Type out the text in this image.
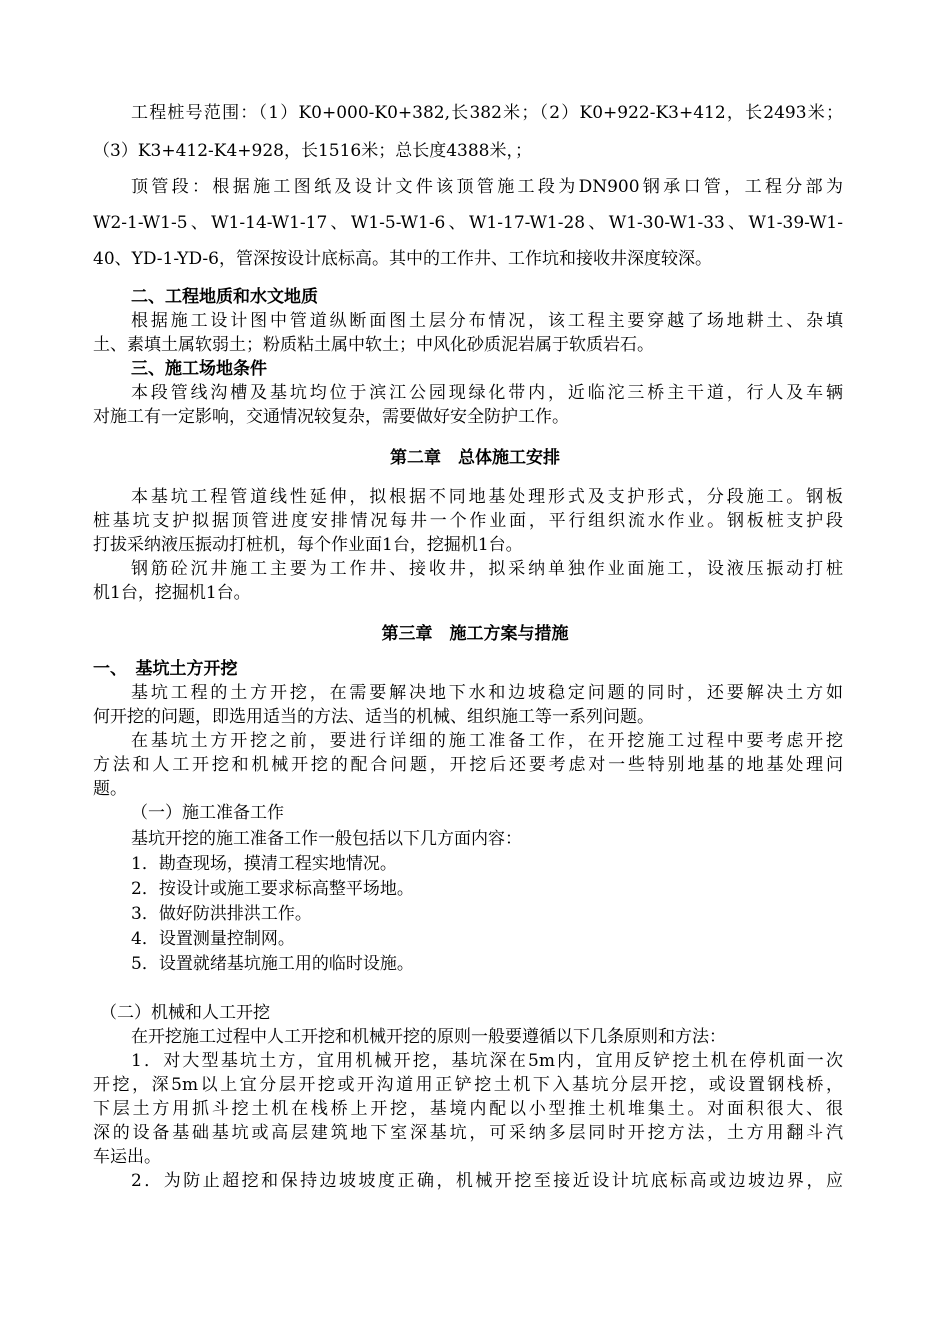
工程桩号范围：（1）K0+000-K0+382,长382米；（2）K0+922-K3+412，长2493米；
（3）K3+412-K4+928，长1516米；总长度4388米，；
顶管段：根据施工图纸及设计文件该顶管施工段为DN900钢承口管，工程分部为
W2-1-W1-5、W1-14-W1-17、W1-5-W1-6、W1-17-W1-28、W1-30-W1-33、W1-39-W1-
40、YD-1-YD-6，管深按设计底标高。其中的工作井、工作坑和接收井深度较深。
二、工程地质和水文地质
根据施工设计图中管道纵断面图土层分布情况，该工程主要穿越了场地耕土、杂填
土、素填土属软弱土；粉质粘土属中软土；中风化砂质泥岩属于软质岩石。
三、施工场地条件
本段管线沟槽及基坑均位于滨江公园现绿化带内，近临沱三桥主干道，行人及车辆
对施工有一定影响，交通情况较复杂，需要做好安全防护工作。
第二章　总体施工安排
本基坑工程管道线性延伸，拟根据不同地基处理形式及支护形式，分段施工。钢板
桩基坑支护拟据顶管进度安排情况每井一个作业面，平行组织流水作业。钢板桩支护段
打拔采纳液压振动打桩机，每个作业面1台，挖掘机1台。
钢筋砼沉井施工主要为工作井、接收井，拟采纳单独作业面施工，设液压振动打桩
机1台，挖掘机1台。
第三章　施工方案与措施
一、　基坑土方开挖
基坑工程的土方开挖，在需要解决地下水和边坡稳定问题的同时，还要解决土方如
何开挖的问题，即选用适当的方法、适当的机械、组织施工等一系列问题。
在基坑土方开挖之前，要进行详细的施工准备工作，在开挖施工过程中要考虑开挖
方法和人工开挖和机械开挖的配合问题，开挖后还要考虑对一些特别地基的地基处理问
题。
（一）施工准备工作
基坑开挖的施工准备工作一般包括以下几方面内容：
1．勘查现场，摸清工程实地情况。
2．按设计或施工要求标高整平场地。
3．做好防洪排洪工作。
4．设置测量控制网。
5．设置就绪基坑施工用的临时设施。
（二）机械和人工开挖
在开挖施工过程中人工开挖和机械开挖的原则一般要遵循以下几条原则和方法：
1．对大型基坑土方，宜用机械开挖，基坑深在5m内，宜用反铲挖土机在停机面一次
开挖，深5m以上宜分层开挖或开沟道用正铲挖土机下入基坑分层开挖，或设置钢栈桥，
下层土方用抓斗挖土机在栈桥上开挖，基境内配以小型推土机堆集土。对面积很大、很
深的设备基础基坑或高层建筑地下室深基坑，可采纳多层同时开挖方法，土方用翻斗汽
车运出。
2．为防止超挖和保持边坡坡度正确，机械开挖至接近设计坑底标高或边坡边界，应
